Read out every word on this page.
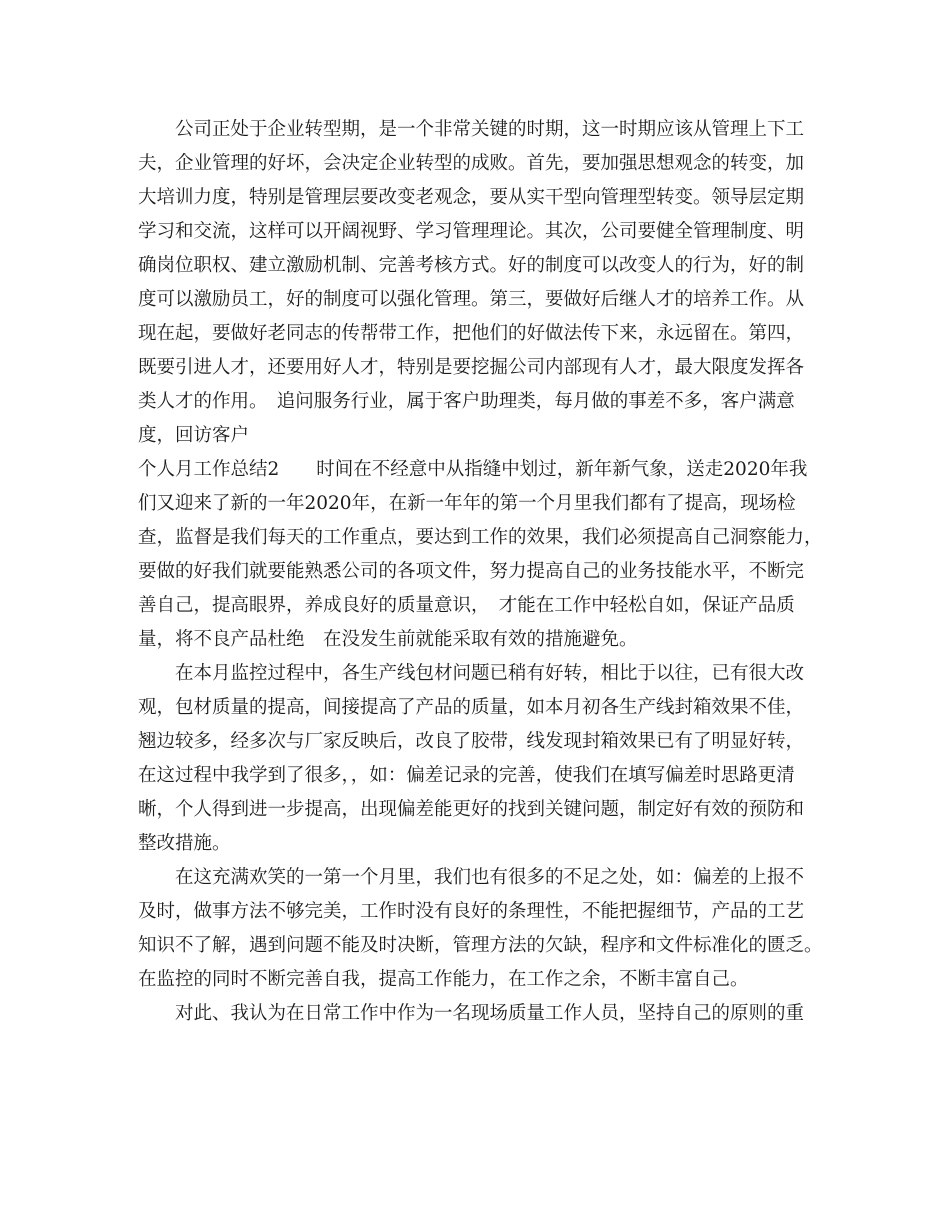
　　公司正处于企业转型期，是一个非常关键的时期，这一时期应该从管理上下工
夫，企业管理的好坏，会决定企业转型的成败。首先，要加强思想观念的转变，加
大培训力度，特别是管理层要改变老观念，要从实干型向管理型转变。领导层定期
学习和交流，这样可以开阔视野、学习管理理论。其次，公司要健全管理制度、明
确岗位职权、建立激励机制、完善考核方式。好的制度可以改变人的行为，好的制
度可以激励员工，好的制度可以强化管理。第三，要做好后继人才的培养工作。从
现在起，要做好老同志的传帮带工作，把他们的好做法传下来，永远留在。第四，
既要引进人才，还要用好人才，特别是要挖掘公司内部现有人才，最大限度发挥各
类人才的作用。　追问服务行业，属于客户助理类，每月做的事差不多，客户满意
度，回访客户
个人月工作总结2　　时间在不经意中从指缝中划过，新年新气象，送走2020年我
们又迎来了新的一年2020年，在新一年年的第一个月里我们都有了提高，现场检
查，监督是我们每天的工作重点，要达到工作的效果，我们必须提高自己洞察能力，
要做的好我们就要能熟悉公司的各项文件，努力提高自己的业务技能水平，不断完
善自己，提高眼界，养成良好的质量意识，　才能在工作中轻松自如，保证产品质
量，将不良产品杜绝　在没发生前就能采取有效的措施避免。
　　在本月监控过程中，各生产线包材问题已稍有好转，相比于以往，已有很大改
观，包材质量的提高，间接提高了产品的质量，如本月初各生产线封箱效果不佳，
翘边较多，经多次与厂家反映后，改良了胶带，线发现封箱效果已有了明显好转，
在这过程中我学到了很多，，如：偏差记录的完善，使我们在填写偏差时思路更清
晰，个人得到进一步提高，出现偏差能更好的找到关键问题，制定好有效的预防和
整改措施。
　　在这充满欢笑的一第一个月里，我们也有很多的不足之处，如：偏差的上报不
及时，做事方法不够完美，工作时没有良好的条理性，不能把握细节，产品的工艺
知识不了解，遇到问题不能及时决断，管理方法的欠缺，程序和文件标准化的匮乏。
在监控的同时不断完善自我，提高工作能力，在工作之余，不断丰富自己。
　　对此、我认为在日常工作中作为一名现场质量工作人员，坚持自己的原则的重
